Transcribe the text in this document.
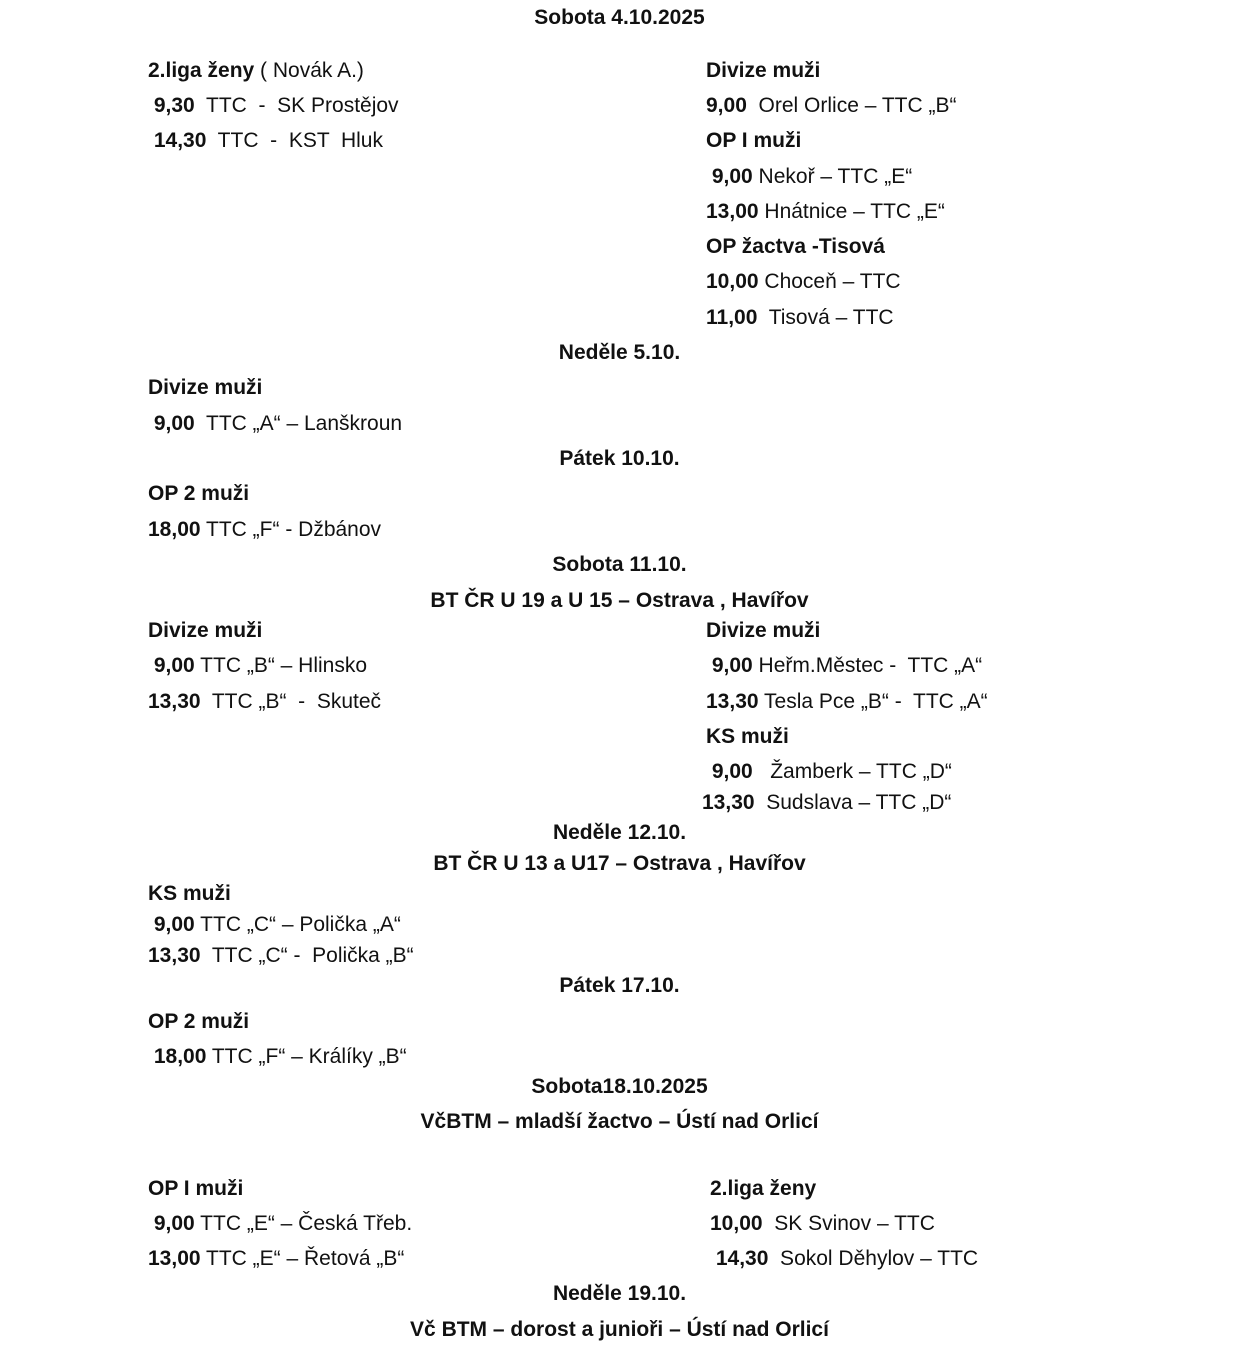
Sobota 4.10.2025
2.liga ženy ( Novák A.)
9,30  TTC  -  SK Prostějov
14,30  TTC  -  KST  Hluk
Divize muži
9,00  Orel Orlice – TTC „B“
OP I muži
9,00 Nekoř – TTC „E“
13,00 Hnátnice – TTC „E“
OP žactva -Tisová
10,00 Choceň – TTC
11,00  Tisová – TTC
Neděle 5.10.
Divize muži
9,00  TTC „A“ – Lanškroun
Pátek 10.10.
OP 2 muži
18,00 TTC „F“ - Džbánov
Sobota 11.10.
BT ČR U 19 a U 15 – Ostrava , Havířov
Divize muži
9,00 TTC „B“ – Hlinsko
13,30  TTC „B“  -  Skuteč
Divize muži
9,00 Heřm.Městec -  TTC „A“
13,30 Tesla Pce „B“ -  TTC „A“
KS muži
9,00   Žamberk – TTC „D“
13,30  Sudslava – TTC „D“
Neděle 12.10.
BT ČR U 13 a U17 – Ostrava , Havířov
KS muži
9,00 TTC „C“ – Polička „A“
13,30  TTC „C“ -  Polička „B“
Pátek 17.10.
OP 2 muži
18,00 TTC „F“ – Králíky „B“
Sobota18.10.2025
VčBTM – mladší žactvo – Ústí nad Orlicí
OP I muži
9,00 TTC „E“ – Česká Třeb.
13,00 TTC „E“ – Řetová „B“
2.liga ženy
10,00  SK Svinov – TTC
14,30  Sokol Děhylov – TTC
Neděle 19.10.
Vč BTM – dorost a junioři – Ústí nad Orlicí
